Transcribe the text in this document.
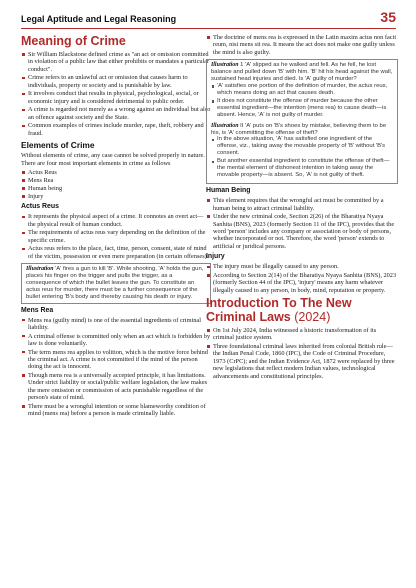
Legal Aptitude and Legal Reasoning	35
Meaning of Crime
Sir William Blackstone defined crime as "an act or omission committed in violation of a public law that either prohibits or mandates a particular conduct".
Crime refers to an unlawful act or omission that causes harm to individuals, property or society and is punishable by law.
It involves conduct that results in physical, psychological, social, or economic injury and is considered detrimental to public order.
A crime is regarded not merely as a wrong against an individual but also an offence against society and the State.
Common examples of crimes include murder, rape, theft, robbery and fraud.
Elements of Crime

Without elements of crime, any case cannot be solved properly in nature. There are four most important elements in crime as follows

Actus Reus
Mens Rea
Human being
Injury
Actus Reus
It represents the physical aspect of a crime. It connotes an overt act—the physical result of human conduct.
The requirements of actus reus vary depending on the definition of the specific crime.
Actus reus refers to the place, fact, time, person, consent, state of mind of the victim, possession or even mere preparation (in certain offenses).
Illustration 'A' fires a gun to kill 'B'. While shooting, 'A' holds the gun, places his finger on the trigger and pulls the trigger, as a consequence of which the bullet leaves the gun. To constitute an actus reus for murder, there must be a further consequence of the bullet entering 'B's body and thereby causing his death or injury.
Mens Rea
Mens rea (guilty mind) is one of the essential ingredients of criminal liability.
A criminal offense is committed only when an act which is forbidden by law is done voluntarily.
The term mens rea applies to volition, which is the motive force behind the criminal act. A crime is not committed if the mind of the person doing the act is innocent.
Though mens rea is a universally accepted principle, it has limitations. Under strict liability or social/public welfare legislation, the law makes the mere omission or commission of acts punishable regardless of the person's state of mind.
There must be a wrongful intention or some blameworthy condition of mind (mens rea) before a person is made criminally liable.
The doctrine of mens rea is expressed in the Latin maxim actus non facit reum, nisi mens sit rea. It means the act does not make one guilty unless the mind is also guilty.
Illustration 1 'A' slipped as he walked and fell. As he fell, he lost balance and pulled down 'B' with him. 'B' hit his head against the wall, sustained head injuries and died. Is 'A' guilty of murder?
'A' satisfies one portion of the definition of murder, the actus reus, which means doing an act that causes death.
It does not constitute the offense of murder because the other essential ingredient—the intention (mens rea) to cause death—is absent. Hence, 'A' is not guilty of murder.
Illustration II 'A' puts on 'B's shoes by mistake, believing them to be his, is 'A' committing the offense of theft?
In the above situation, 'A' has satisfied one ingredient of the offense, viz., taking away the movable property of 'B' without 'B's consent.
But another essential ingredient to constitute the offense of theft—the mental element of dishonest intention in taking away the movable property—is absent. So, 'A' is not guilty of theft.
Human Being
This element requires that the wrongful act must be committed by a human being to attract criminal liability.
Under the new criminal code, Section 2(26) of the Bharatiya Nyaya Sanhita (BNS), 2023 (formerly Section 11 of the IPC), provides that the word 'person' includes any company or association or body of persons, whether incorporated or not. Therefore, the word 'person' extends to artificial or juridical persons.
Injury
The injury must be illegally caused to any person.
According to Section 2(14) of the Bharatiya Nyaya Sanhita (BNS), 2023 (formerly Section 44 of the IPC), 'injury' means any harm whatever illegally caused to any person, in body, mind, reputation or property.
Introduction To The New Criminal Laws (2024)
On 1st July 2024, India witnessed a historic transformation of its criminal justice system.
Three foundational criminal laws inherited from colonial British rule—the Indian Penal Code, 1860 (IPC), the Code of Criminal Procedure, 1973 (CrPC); and the Indian Evidence Act, 1872 were replaced by three new legislations that reflect modern Indian values, technological advancements and constitutional principles.
